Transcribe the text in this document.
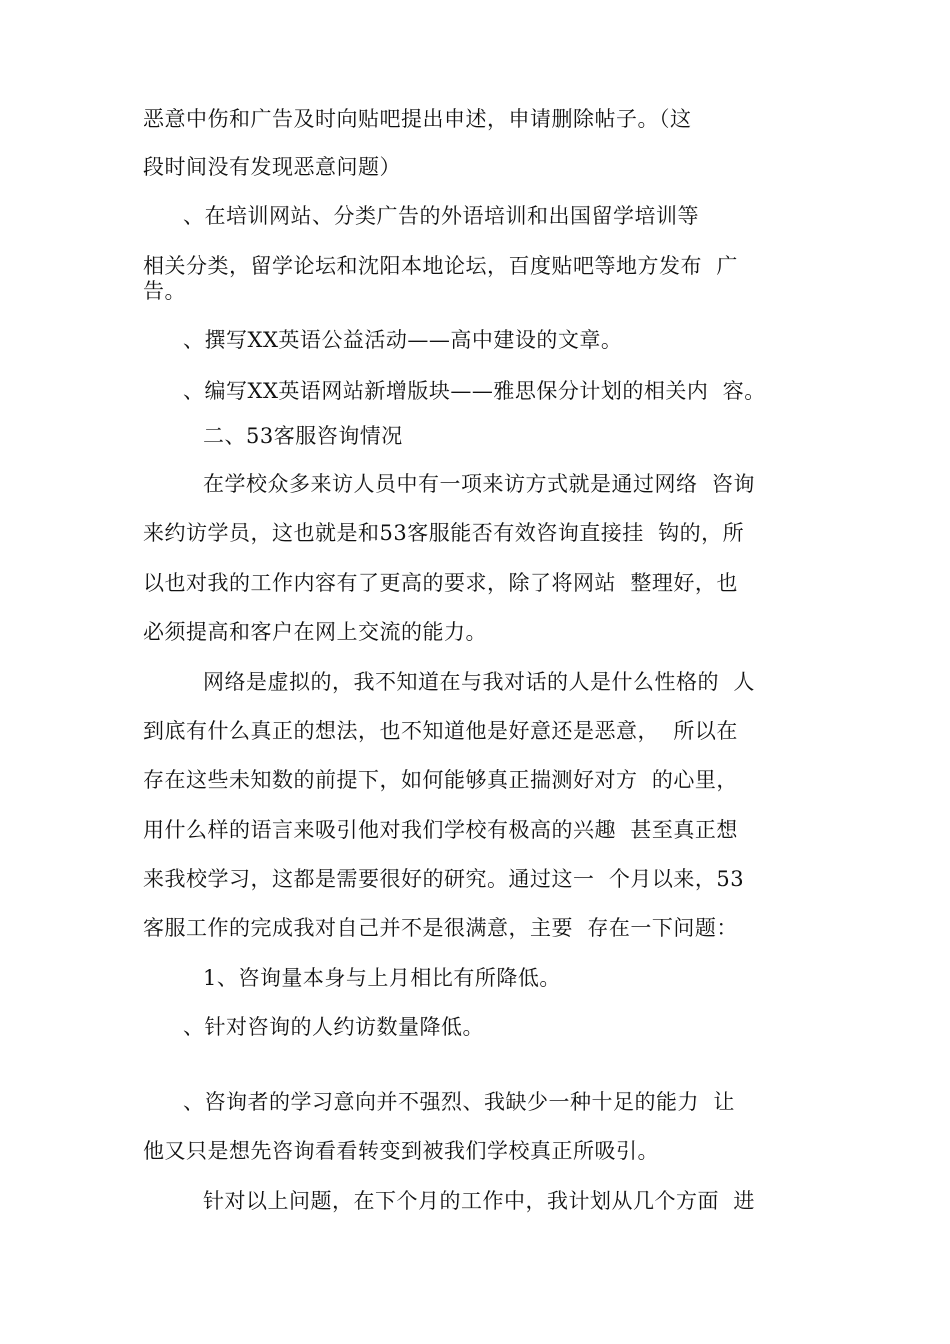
恶意中伤和广告及时向贴吧提出申述，申请删除帖子。（这
段时间没有发现恶意问题）
、在培训网站、分类广告的外语培训和出国留学培训等
相关分类，留学论坛和沈阳本地论坛，百度贴吧等地方发布  广
告。
、撰写XX英语公益活动——高中建设的文章。
、编写XX英语网站新增版块——雅思保分计划的相关内  容。
二、53客服咨询情况
在学校众多来访人员中有一项来访方式就是通过网络  咨询
来约访学员，这也就是和53客服能否有效咨询直接挂  钩的，所
以也对我的工作内容有了更高的要求，除了将网站  整理好，也
必须提高和客户在网上交流的能力。
网络是虚拟的，我不知道在与我对话的人是什么性格的  人
到底有什么真正的想法，也不知道他是好意还是恶意，  所以在
存在这些未知数的前提下，如何能够真正揣测好对方  的心里，
用什么样的语言来吸引他对我们学校有极高的兴趣  甚至真正想
来我校学习，这都是需要很好的研究。通过这一  个月以来，53
客服工作的完成我对自己并不是很满意，主要  存在一下问题：
1、咨询量本身与上月相比有所降低。
、针对咨询的人约访数量降低。
、咨询者的学习意向并不强烈、我缺少一种十足的能力  让
他又只是想先咨询看看转变到被我们学校真正所吸引。
针对以上问题，在下个月的工作中，我计划从几个方面  进
